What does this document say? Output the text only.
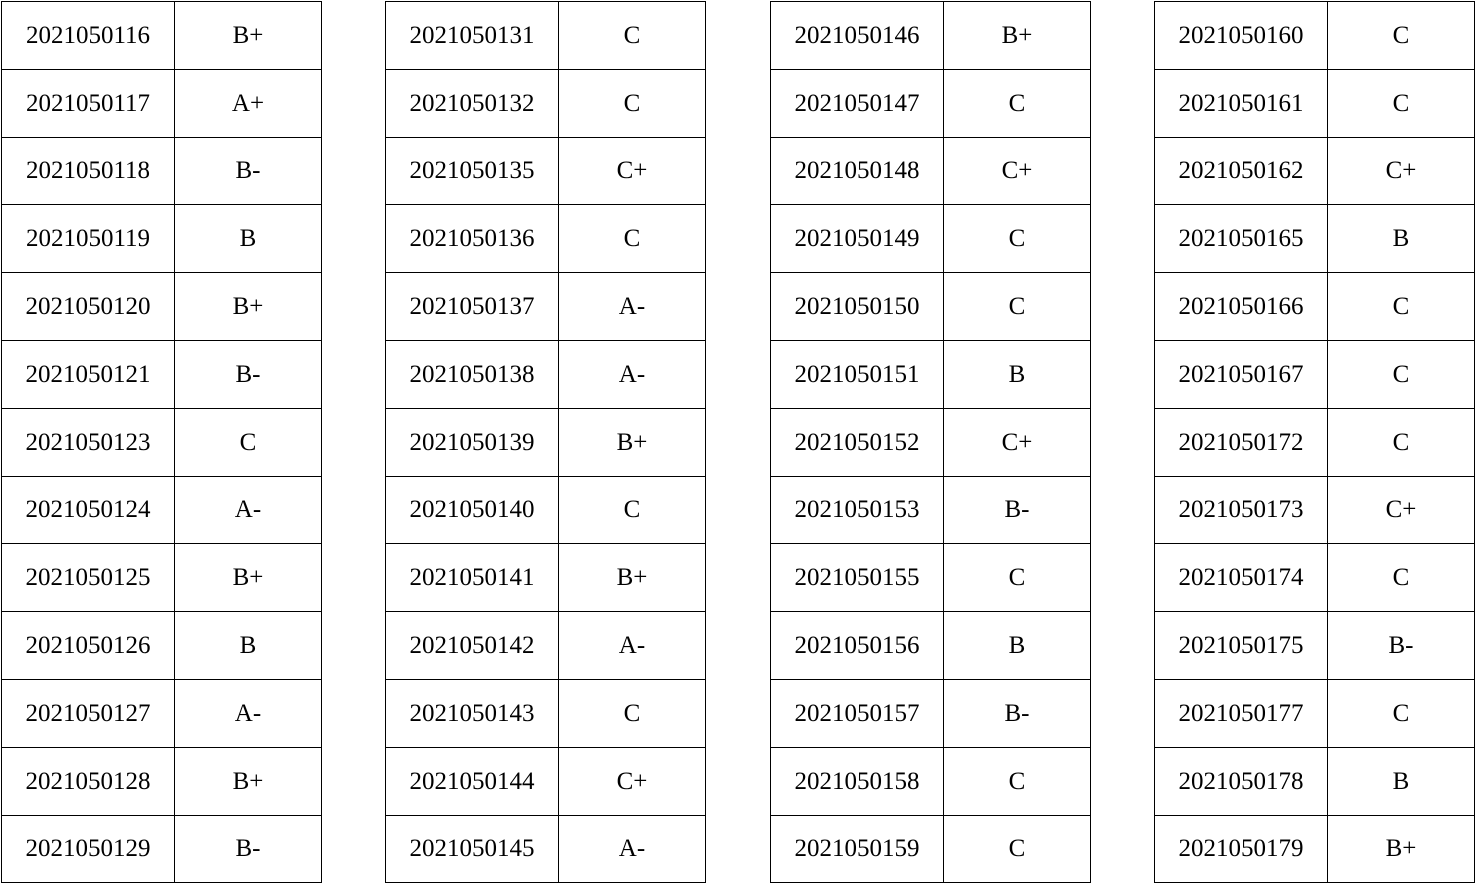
2021050116	B+
2021050117	A+
2021050118	B-
2021050119	B
2021050120	B+
2021050121	B-
2021050123	C
2021050124	A-
2021050125	B+
2021050126	B
2021050127	A-
2021050128	B+
2021050129	B-
2021050131	C
2021050132	C
2021050135	C+
2021050136	C
2021050137	A-
2021050138	A-
2021050139	B+
2021050140	C
2021050141	B+
2021050142	A-
2021050143	C
2021050144	C+
2021050145	A-
2021050146	B+
2021050147	C
2021050148	C+
2021050149	C
2021050150	C
2021050151	B
2021050152	C+
2021050153	B-
2021050155	C
2021050156	B
2021050157	B-
2021050158	C
2021050159	C
2021050160	C
2021050161	C
2021050162	C+
2021050165	B
2021050166	C
2021050167	C
2021050172	C
2021050173	C+
2021050174	C
2021050175	B-
2021050177	C
2021050178	B
2021050179	B+
